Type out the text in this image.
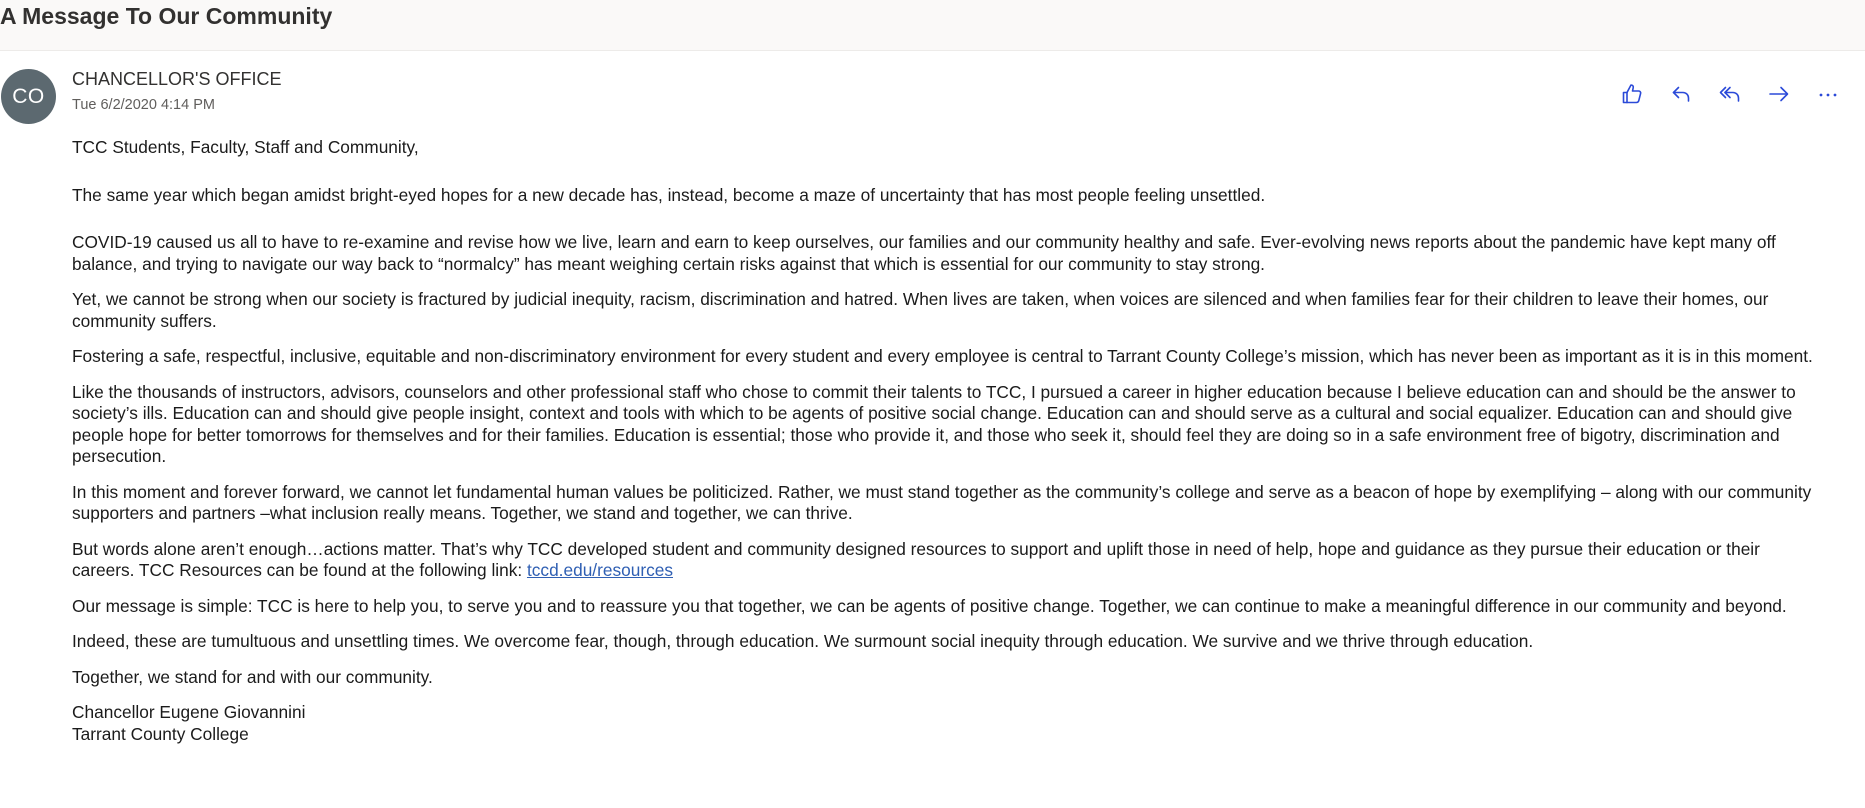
A Message To Our Community
CO
CHANCELLOR'S OFFICE
Tue 6/2/2020 4:14 PM

TCC Students, Faculty, Staff and Community,

The same year which began amidst bright-eyed hopes for a new decade has, instead, become a maze of uncertainty that has most people feeling unsettled.

COVID-19 caused us all to have to re-examine and revise how we live, learn and earn to keep ourselves, our families and our community healthy and safe. Ever-evolving news reports about the pandemic have kept many off balance, and trying to navigate our way back to “normalcy” has meant weighing certain risks against that which is essential for our community to stay strong.

Yet, we cannot be strong when our society is fractured by judicial inequity, racism, discrimination and hatred. When lives are taken, when voices are silenced and when families fear for their children to leave their homes, our community suffers.

Fostering a safe, respectful, inclusive, equitable and non-discriminatory environment for every student and every employee is central to Tarrant County College’s mission, which has never been as important as it is in this moment.

Like the thousands of instructors, advisors, counselors and other professional staff who chose to commit their talents to TCC, I pursued a career in higher education because I believe education can and should be the answer to society’s ills. Education can and should give people insight, context and tools with which to be agents of positive social change. Education can and should serve as a cultural and social equalizer. Education can and should give people hope for better tomorrows for themselves and for their families. Education is essential; those who provide it, and those who seek it, should feel they are doing so in a safe environment free of bigotry, discrimination and persecution.

In this moment and forever forward, we cannot let fundamental human values be politicized. Rather, we must stand together as the community’s college and serve as a beacon of hope by exemplifying – along with our community supporters and partners –what inclusion really means. Together, we stand and together, we can thrive.

But words alone aren’t enough…actions matter. That’s why TCC developed student and community designed resources to support and uplift those in need of help, hope and guidance as they pursue their education or their careers. TCC Resources can be found at the following link: tccd.edu/resources

Our message is simple: TCC is here to help you, to serve you and to reassure you that together, we can be agents of positive change. Together, we can continue to make a meaningful difference in our community and beyond.

Indeed, these are tumultuous and unsettling times. We overcome fear, though, through education. We surmount social inequity through education. We survive and we thrive through education.

Together, we stand for and with our community.

Chancellor Eugene Giovannini

Tarrant County College
